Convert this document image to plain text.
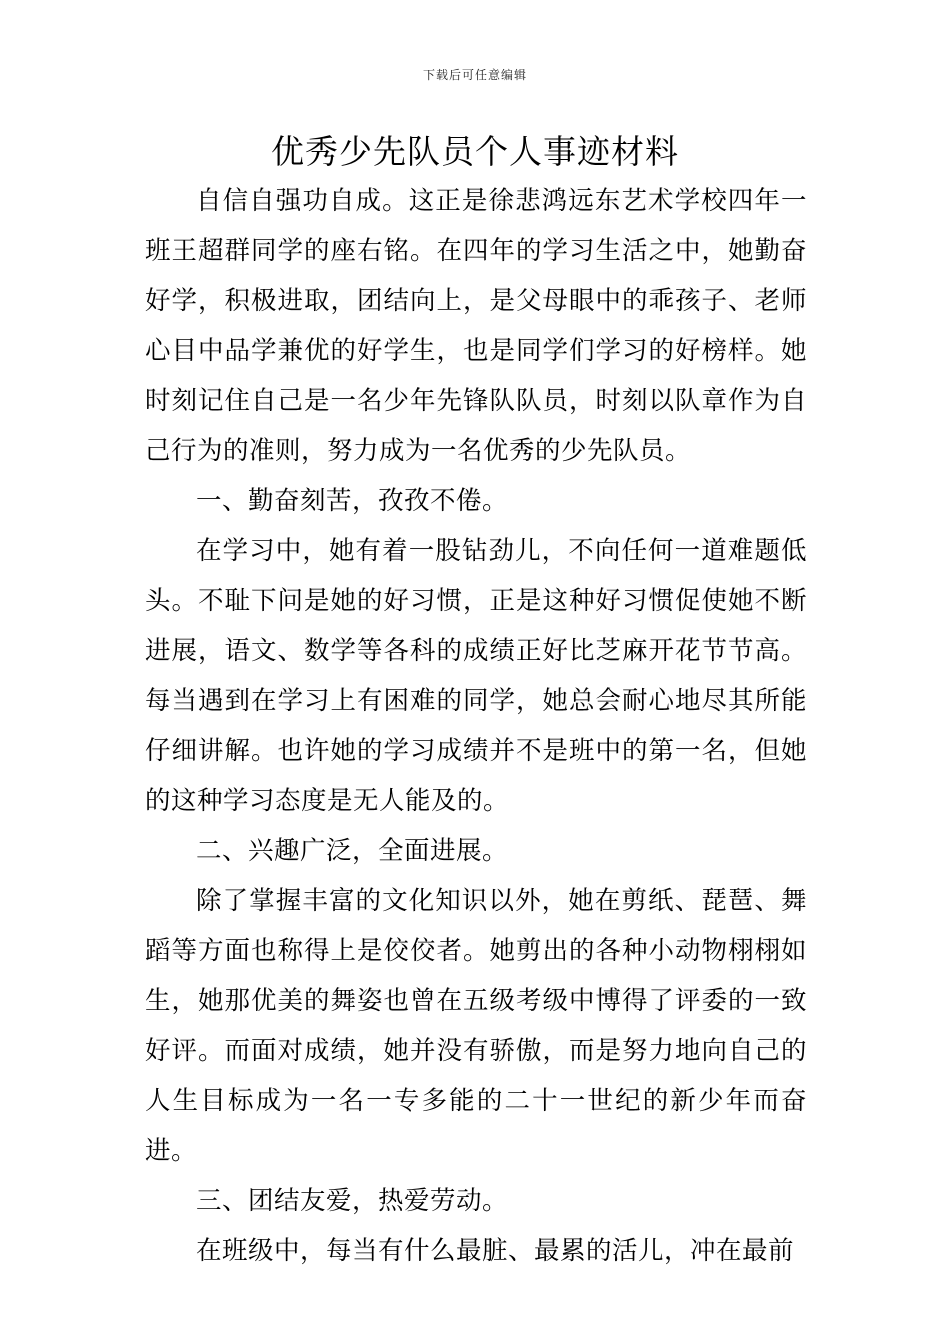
下载后可任意编辑
优秀少先队员个人事迹材料

自信自强功自成。这正是徐悲鸿远东艺术学校四年一班王超群同学的座右铭。在四年的学习生活之中，她勤奋好学，积极进取，团结向上，是父母眼中的乖孩子、老师心目中品学兼优的好学生，也是同学们学习的好榜样。她时刻记住自己是一名少年先锋队队员，时刻以队章作为自己行为的准则，努力成为一名优秀的少先队员。

一、勤奋刻苦，孜孜不倦。

在学习中，她有着一股钻劲儿，不向任何一道难题低头。不耻下问是她的好习惯，正是这种好习惯促使她不断进展，语文、数学等各科的成绩正好比芝麻开花节节高。每当遇到在学习上有困难的同学，她总会耐心地尽其所能仔细讲解。也许她的学习成绩并不是班中的第一名，但她的这种学习态度是无人能及的。

二、兴趣广泛，全面进展。

除了掌握丰富的文化知识以外，她在剪纸、琵琶、舞蹈等方面也称得上是佼佼者。她剪出的各种小动物栩栩如生，她那优美的舞姿也曾在五级考级中博得了评委的一致好评。而面对成绩，她并没有骄傲，而是努力地向自己的人生目标成为一名一专多能的二十一世纪的新少年而奋进。

三、团结友爱，热爱劳动。

在班级中，每当有什么最脏、最累的活儿，冲在最前
